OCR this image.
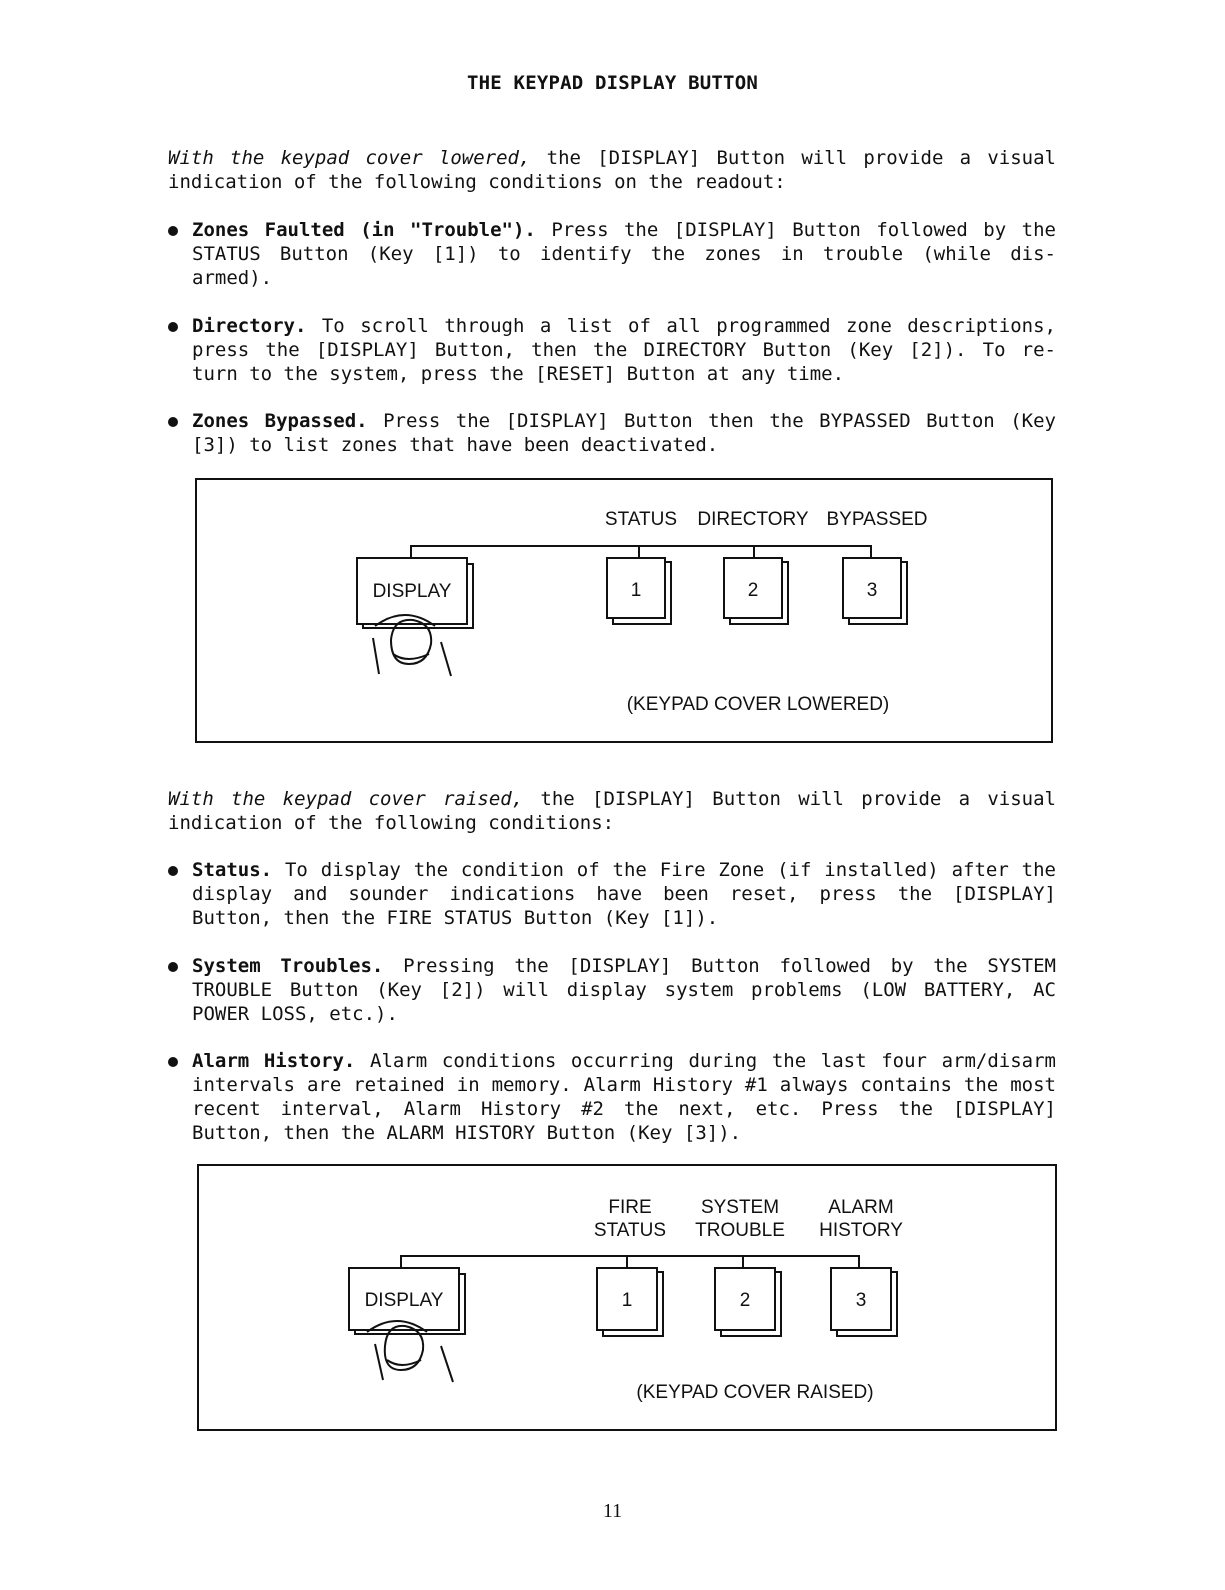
THE KEYPAD DISPLAY BUTTON
With the keypad cover lowered, the [DISPLAY] Button will provide a visual indication of the following conditions on the readout:
Zones Faulted (in "Trouble"). Press the [DISPLAY] Button followed by the STATUS Button (Key [1]) to identify the zones in trouble (while dis- armed).
Directory. To scroll through a list of all programmed zone descriptions, press the [DISPLAY] Button, then the DIRECTORY Button (Key [2]). To re- turn to the system, press the [RESET] Button at any time.
Zones Bypassed. Press the [DISPLAY] Button then the BYPASSED Button (Key [3]) to list zones that have been deactivated.
STATUS DIRECTORY BYPASSED
DISPLAY	1	2	3
(KEYPAD COVER LOWERED)
With the keypad cover raised, the [DISPLAY] Button will provide a visual indication of the following conditions:
Status. To display the condition of the Fire Zone (if installed) after the display and sounder indications have been reset, press the [DISPLAY] Button, then the FIRE STATUS Button (Key [1]).
System Troubles. Pressing the [DISPLAY] Button followed by the SYSTEM TROUBLE Button (Key [2]) will display system problems (LOW BATTERY, AC POWER LOSS, etc.).
Alarm History. Alarm conditions occurring during the last four arm/disarm intervals are retained in memory. Alarm History #1 always contains the most recent interval, Alarm History #2 the next, etc. Press the [DISPLAY] Button, then the ALARM HISTORY Button (Key [3]).
FIRE	SYSTEM	ALARM
STATUS TROUBLE HISTORY
DISPLAY	1	2	3
(KEYPAD COVER RAISED)
11
